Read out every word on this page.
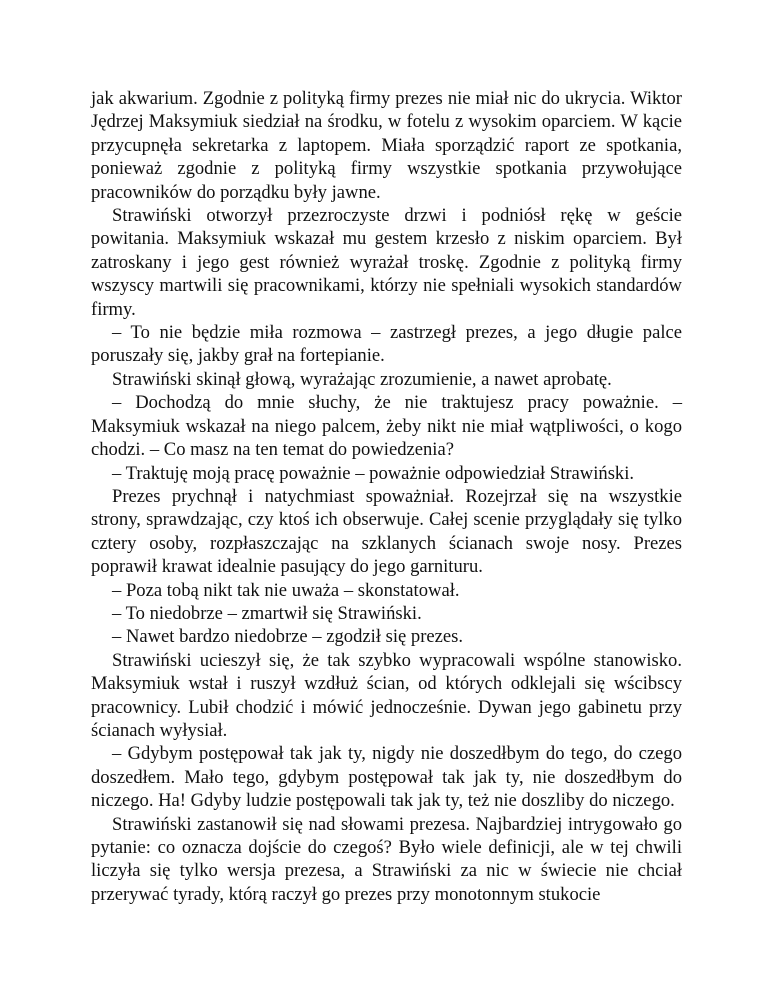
jak akwarium. Zgodnie z polityką firmy prezes nie miał nic do ukrycia. Wiktor Jędrzej Maksymiuk siedział na środku, w fotelu z wysokim oparciem. W kącie przycupnęła sekretarka z laptopem. Miała sporządzić raport ze spotkania, ponieważ zgodnie z polityką firmy wszystkie spotkania przywołujące pracowników do porządku były jawne.

Strawiński otworzył przezroczyste drzwi i podniósł rękę w geście powitania. Maksymiuk wskazał mu gestem krzesło z niskim oparciem. Był zatroskany i jego gest również wyrażał troskę. Zgodnie z polityką firmy wszyscy martwili się pracownikami, którzy nie spełniali wysokich standardów firmy.

– To nie będzie miła rozmowa – zastrzegł prezes, a jego długie palce poruszały się, jakby grał na fortepianie.

Strawiński skinął głową, wyrażając zrozumienie, a nawet aprobatę.

– Dochodzą do mnie słuchy, że nie traktujesz pracy poważnie. – Maksymiuk wskazał na niego palcem, żeby nikt nie miał wątpliwości, o kogo chodzi. – Co masz na ten temat do powiedzenia?

– Traktuję moją pracę poważnie – poważnie odpowiedział Strawiński.

Prezes prychnął i natychmiast spoważniał. Rozejrzał się na wszystkie strony, sprawdzając, czy ktoś ich obserwuje. Całej scenie przyglądały się tylko cztery osoby, rozpłaszczając na szklanych ścianach swoje nosy. Prezes poprawił krawat idealnie pasujący do jego garnituru.

– Poza tobą nikt tak nie uważa – skonstatował.

– To niedobrze – zmartwił się Strawiński.

– Nawet bardzo niedobrze – zgodził się prezes.

Strawiński ucieszył się, że tak szybko wypracowali wspólne stanowisko. Maksymiuk wstał i ruszył wzdłuż ścian, od których odklejali się wścibscy pracownicy. Lubił chodzić i mówić jednocześnie. Dywan jego gabinetu przy ścianach wyłysiał.

– Gdybym postępował tak jak ty, nigdy nie doszedłbym do tego, do czego doszedłem. Mało tego, gdybym postępował tak jak ty, nie doszedłbym do niczego. Ha! Gdyby ludzie postępowali tak jak ty, też nie doszliby do niczego.

Strawiński zastanowił się nad słowami prezesa. Najbardziej intrygowało go pytanie: co oznacza dojście do czegoś? Było wiele definicji, ale w tej chwili liczyła się tylko wersja prezesa, a Strawiński za nic w świecie nie chciał przerywać tyrady, którą raczył go prezes przy monotonnym stukocie
